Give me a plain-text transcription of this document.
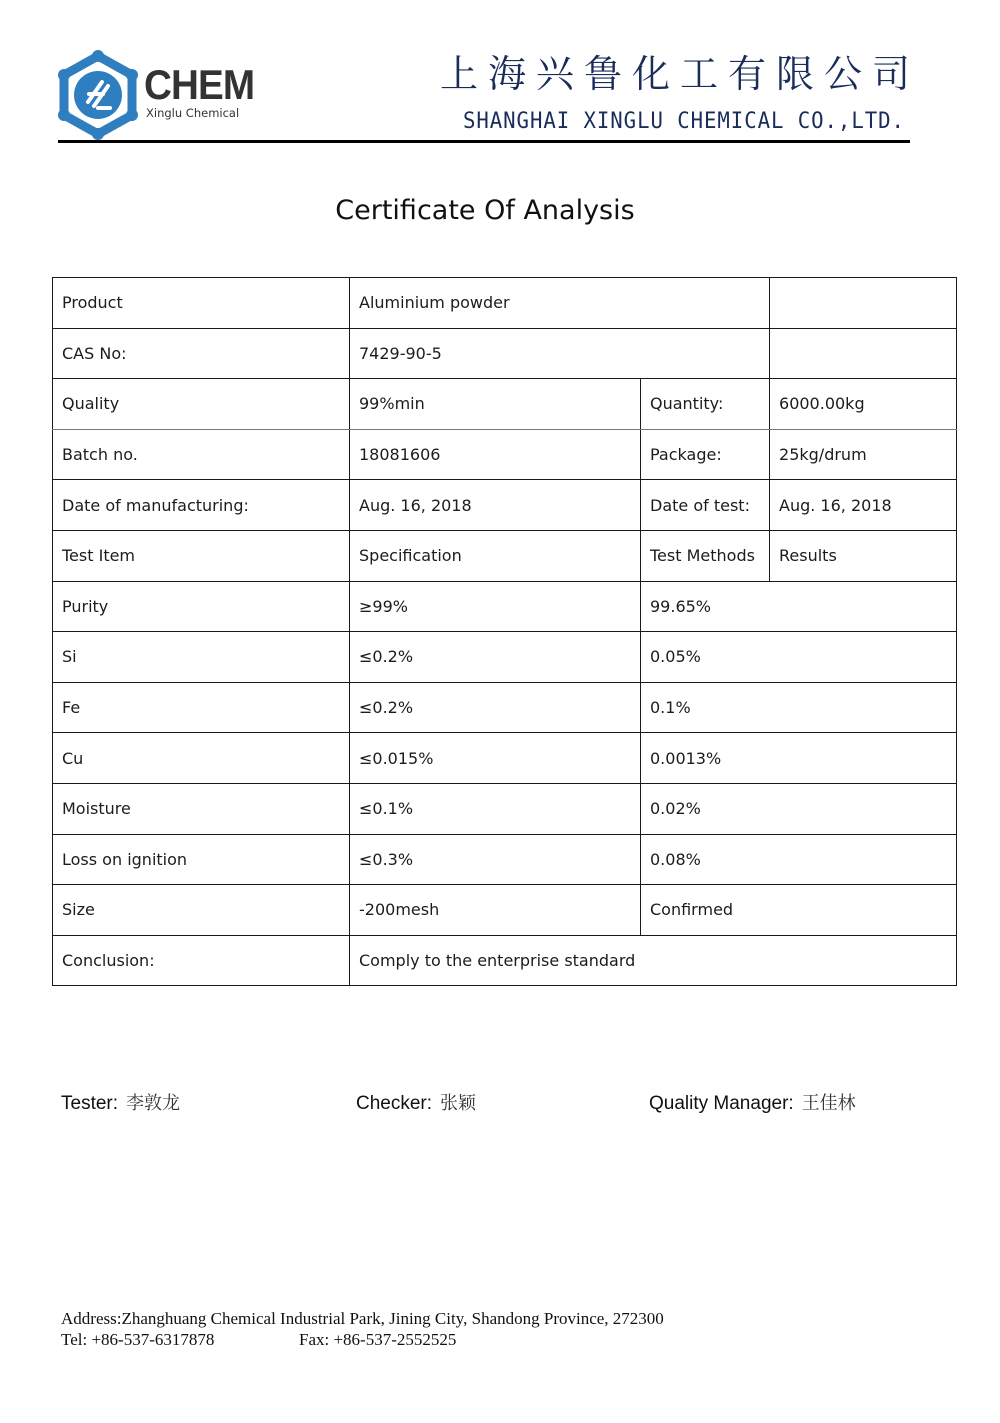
CHEM
Xinglu Chemical
上海兴鲁化工有限公司
SHANGHAI XINGLU CHEMICAL CO.,LTD.
Certificate Of Analysis
Product	Aluminium powder		
CAS No:	7429-90-5		
Quality	99%min	Quantity:	6000.00kg
Batch no.	18081606	Package:	25kg/drum
Date of manufacturing:	Aug. 16, 2018	Date of test:	Aug. 16, 2018
Test Item	Specification	Test Methods	Results
Purity	≥99%	99.65%	
Si	≤0.2%	0.05%	
Fe	≤0.2%	0.1%	
Cu	≤0.015%	0.0013%	
Moisture	≤0.1%	0.02%	
Loss on ignition	≤0.3%	0.08%	
Size	-200mesh	Confirmed	
Conclusion:	Comply to the enterprise standard		
Tester: 李敦龙	Checker: 张颖	Quality Manager: 王佳林
Address:Zhanghuang Chemical Industrial Park, Jining City, Shandong Province, 272300
Tel: +86-537-6317878	Fax: +86-537-2552525
